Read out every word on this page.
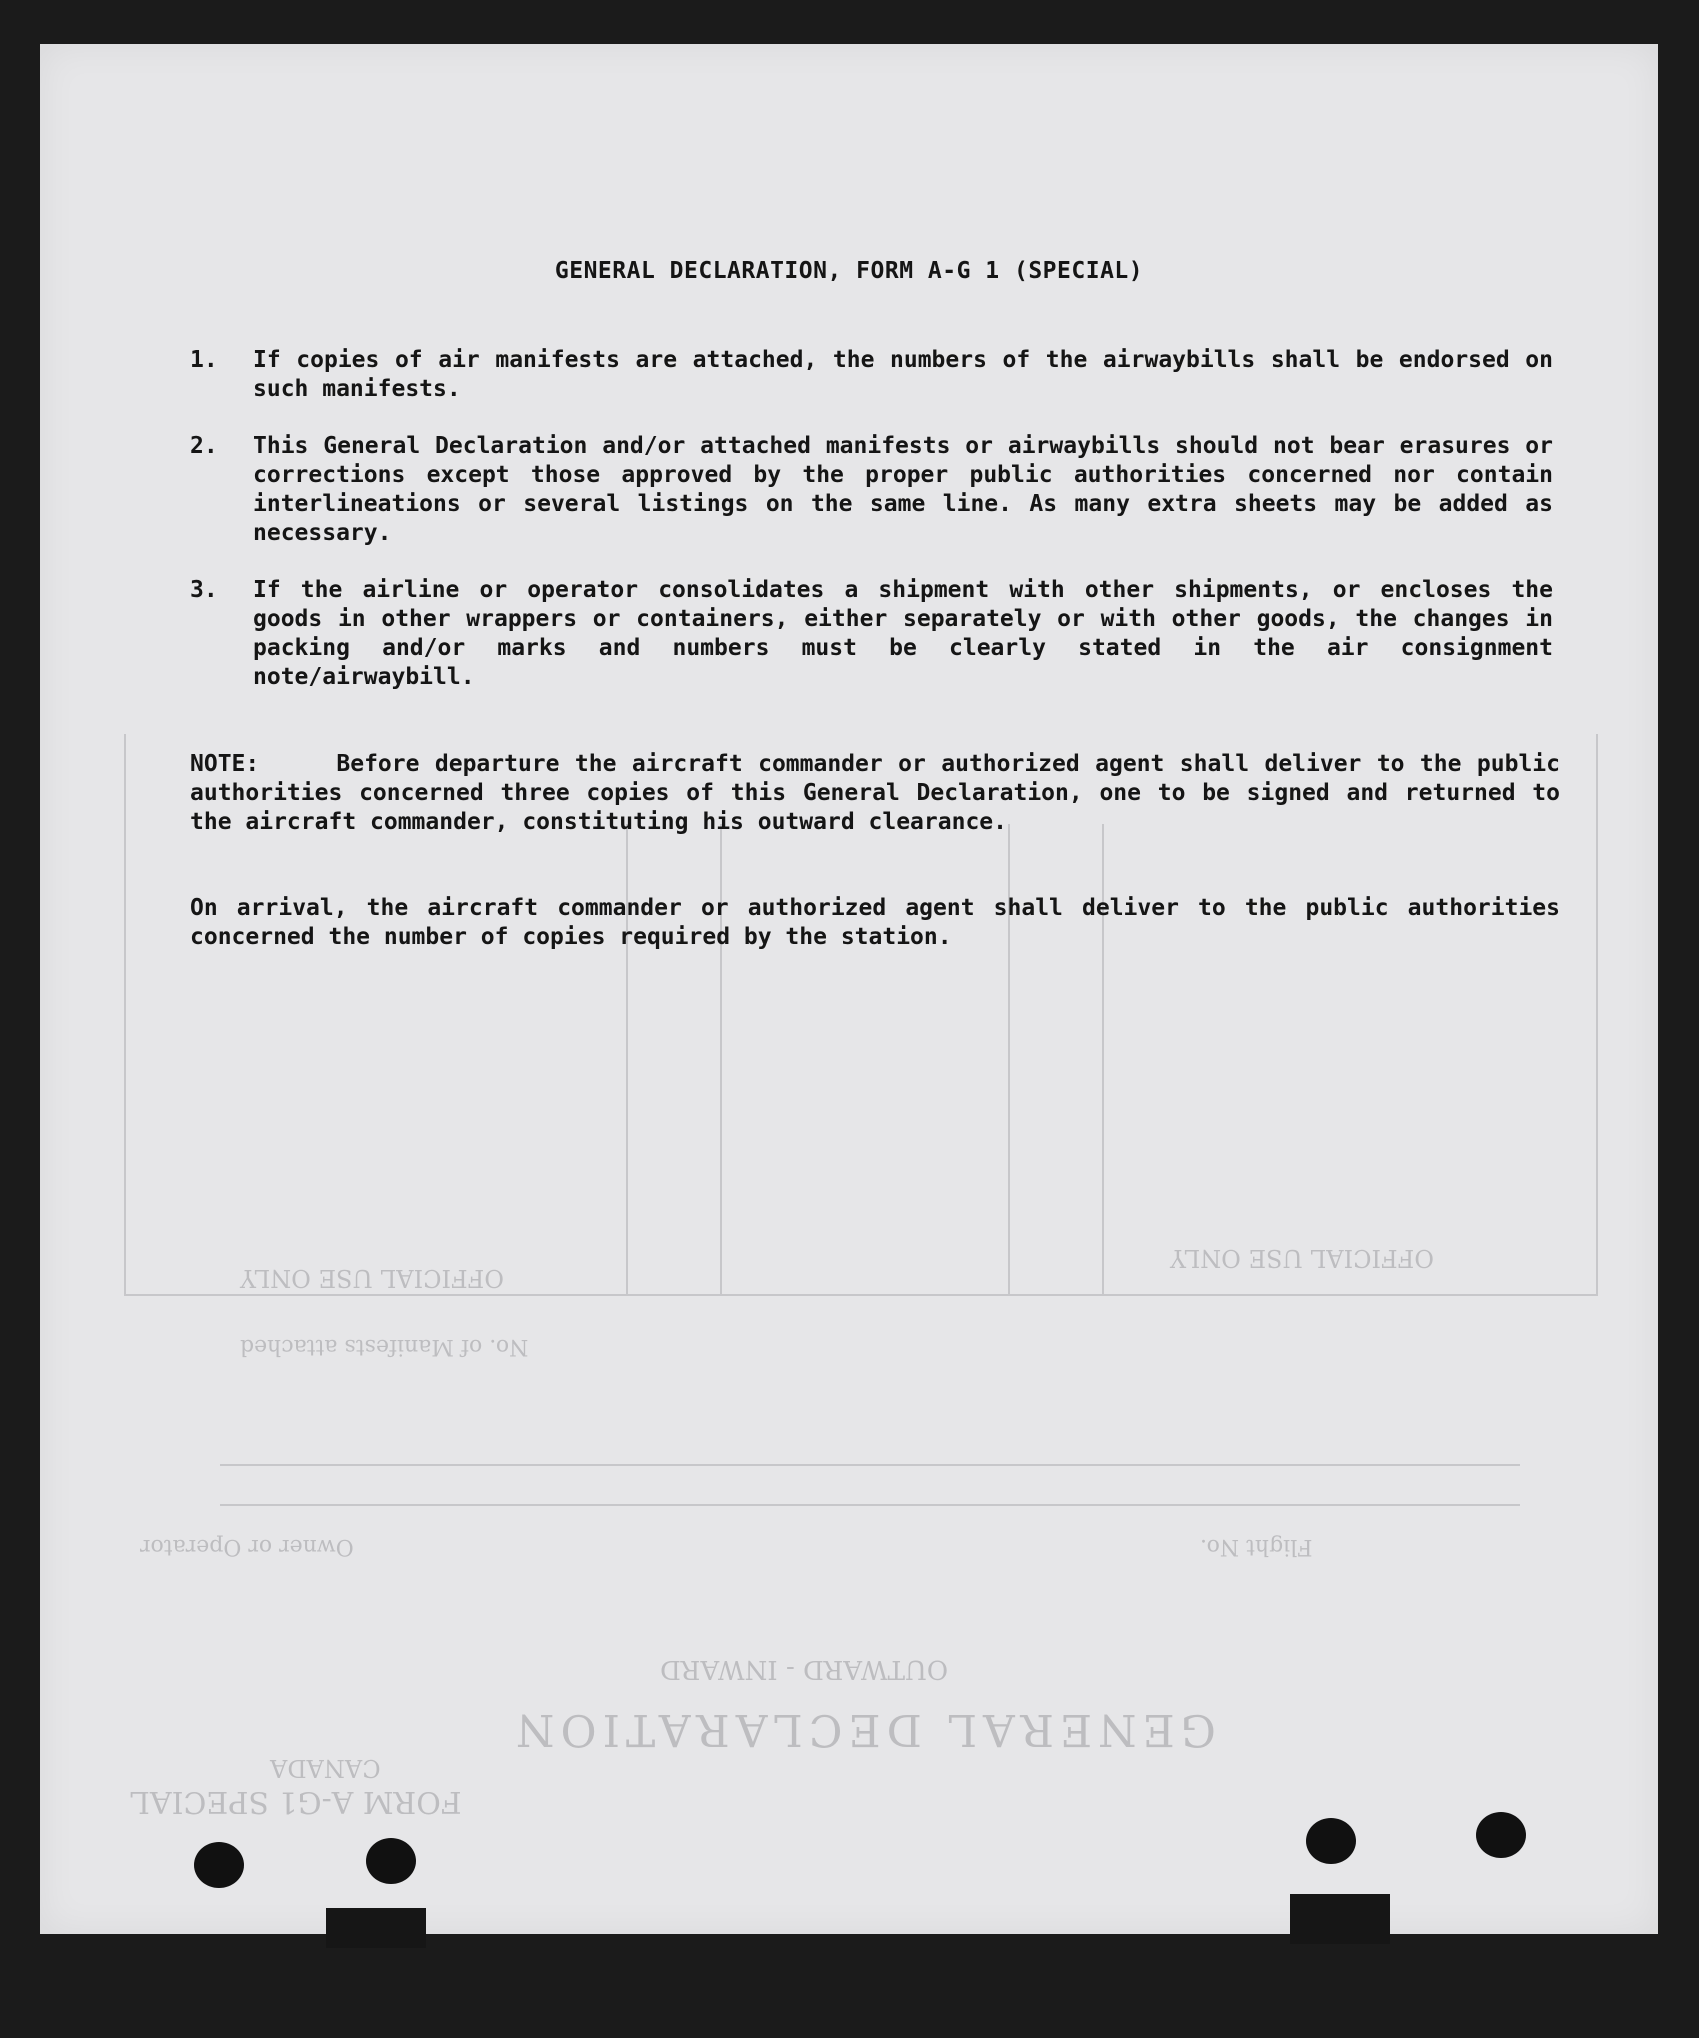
GENERAL DECLARATION
OUTWARD - INWARD
FORM A-G1 SPECIAL
CANADA
OFFICIAL USE ONLY
OFFICIAL USE ONLY
Owner or Operator	Flight No.
No. of Manifests attached
GENERAL DECLARATION, FORM A-G 1 (SPECIAL)
1.	If copies of air manifests are attached, the numbers of the airwaybills shall be endorsed on such manifests.
2.	This General Declaration and/or attached manifests or airwaybills should not bear erasures or corrections except those approved by the proper public authorities concerned nor contain interlineations or several listings on the same line. As many extra sheets may be added as necessary.
3.	If the airline or operator consolidates a shipment with other shipments, or encloses the goods in other wrappers or containers, either separately or with other goods, the changes in packing and/or marks and numbers must be clearly stated in the air consignment note/airwaybill.
NOTE:	Before departure the aircraft commander or authorized agent shall deliver to the public authorities concerned three copies of this General Declaration, one to be signed and returned to the aircraft commander, constituting his outward clearance.
On arrival, the aircraft commander or authorized agent shall deliver to the public authorities concerned the number of copies required by the station.
